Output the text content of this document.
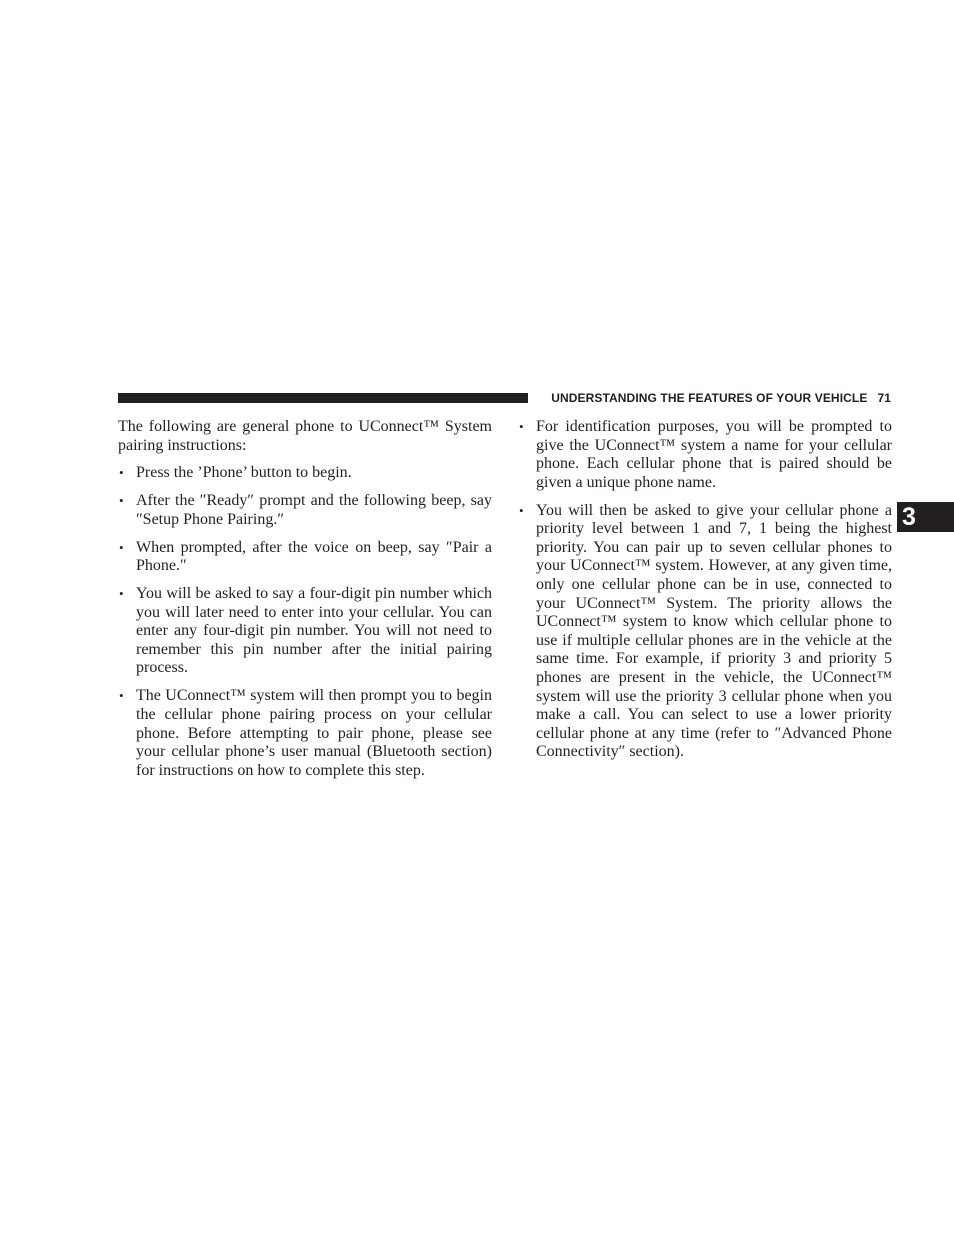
UNDERSTANDING THE FEATURES OF YOUR VEHICLE 71
3

The following are general phone to UConnect™ System pairing instructions:

• Press the ’Phone’ button to begin.
• After the ″Ready″ prompt and the following beep, say ″Setup Phone Pairing.″
• When prompted, after the voice on beep, say ″Pair a Phone.″
• You will be asked to say a four-digit pin number which you will later need to enter into your cellular. You can enter any four-digit pin number. You will not need to remember this pin number after the initial pairing process.
• The UConnect™ system will then prompt you to begin the cellular phone pairing process on your cellular phone. Before attempting to pair phone, please see your cellular phone’s user manual (Bluetooth section) for instructions on how to complete this step.
• For identification purposes, you will be prompted to give the UConnect™ system a name for your cellular phone. Each cellular phone that is paired should be given a unique phone name.
• You will then be asked to give your cellular phone a priority level between 1 and 7, 1 being the highest priority. You can pair up to seven cellular phones to your UConnect™ system. However, at any given time, only one cellular phone can be in use, connected to your UConnect™ System. The priority allows the UConnect™ system to know which cellular phone to use if multiple cellular phones are in the vehicle at the same time. For example, if priority 3 and priority 5 phones are present in the vehicle, the UConnect™ system will use the priority 3 cellular phone when you make a call. You can select to use a lower priority cellular phone at any time (refer to ″Advanced Phone Connectivity″ section).
